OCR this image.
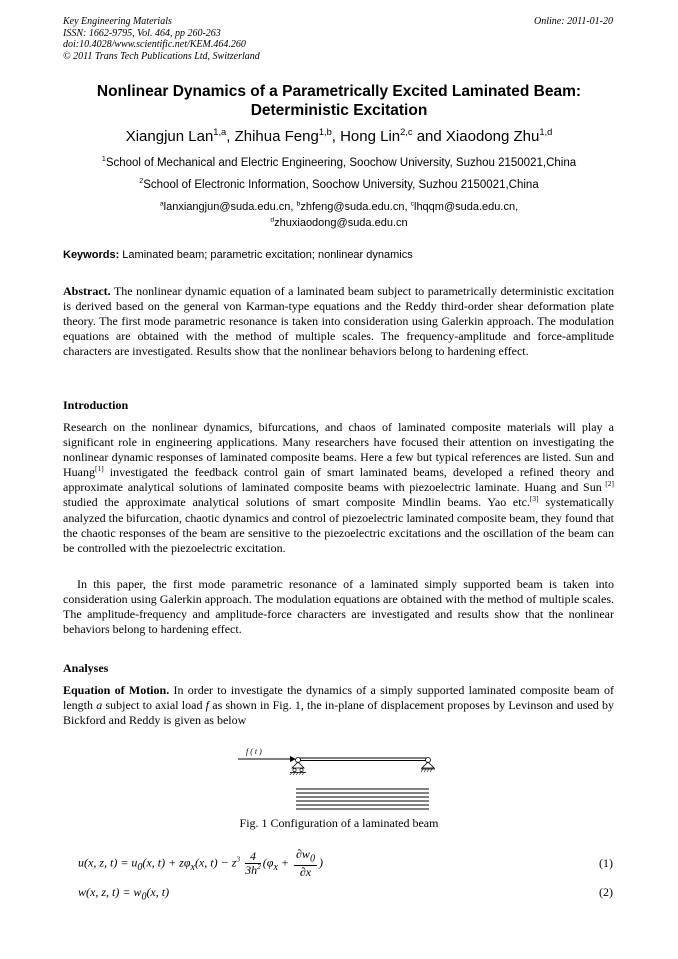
Key Engineering Materials
ISSN: 1662-9795, Vol. 464, pp 260-263
doi:10.4028/www.scientific.net/KEM.464.260
© 2011 Trans Tech Publications Ltd, Switzerland
Online: 2011-01-20
Nonlinear Dynamics of a Parametrically Excited Laminated Beam:
Deterministic Excitation
Xiangjun Lan$^{1,a}$, Zhihua Feng$^{1,b}$, Hong Lin$^{2,c}$ and Xiaodong Zhu$^{1,d}$
$^1$School of Mechanical and Electric Engineering, Soochow University, Suzhou 2150021,China
$^2$School of Electronic Information, Soochow University, Suzhou 2150021,China
$^a$lanxiangjun@suda.edu.cn, $^b$zhfeng@suda.edu.cn, $^c$lhqqm@suda.edu.cn,
$^d$zhuxiaodong@suda.edu.cn
Keywords: Laminated beam; parametric excitation; nonlinear dynamics
Abstract. The nonlinear dynamic equation of a laminated beam subject to parametrically deterministic excitation is derived based on the general von Karman-type equations and the Reddy third-order shear deformation plate theory. The first mode parametric resonance is taken into consideration using Galerkin approach. The modulation equations are obtained with the method of multiple scales. The frequency-amplitude and force-amplitude characters are investigated. Results show that the nonlinear behaviors belong to hardening effect.
Introduction
Research on the nonlinear dynamics, bifurcations, and chaos of laminated composite materials will play a significant role in engineering applications. Many researchers have focused their attention on investigating the nonlinear dynamic responses of laminated composite beams. Here a few but typical references are listed. Sun and Huang[1] investigated the feedback control gain of smart laminated beams, developed a refined theory and approximate analytical solutions of laminated composite beams with piezoelectric laminate. Huang and Sun [2] studied the approximate analytical solutions of smart composite Mindlin beams. Yao etc.[3] systematically analyzed the bifurcation, chaotic dynamics and control of piezoelectric laminated composite beam, they found that the chaotic responses of the beam are sensitive to the piezoelectric excitations and the oscillation of the beam can be controlled with the piezoelectric excitation.
In this paper, the first mode parametric resonance of a laminated simply supported beam is taken into consideration using Galerkin approach. The modulation equations are obtained with the method of multiple scales. The amplitude-frequency and amplitude-force characters are investigated and results show that the nonlinear behaviors belong to hardening effect.
Analyses
Equation of Motion. In order to investigate the dynamics of a simply supported laminated composite beam of length a subject to axial load f as shown in Fig. 1, the in-plane of displacement proposes by Levinson and used by Bickford and Reddy is given as below
f ( t )
Fig. 1 Configuration of a laminated beam
u(x, z, $t) = u_0(x$, $t) + z\varphi_x(x$, $t) - z^3 \frac{4}{3h^2} (\varphi_x + \frac{\partial w_0}{\partial x}$ )	(1)
w(x, z, $t) = w_0(x$, t)	(2)
